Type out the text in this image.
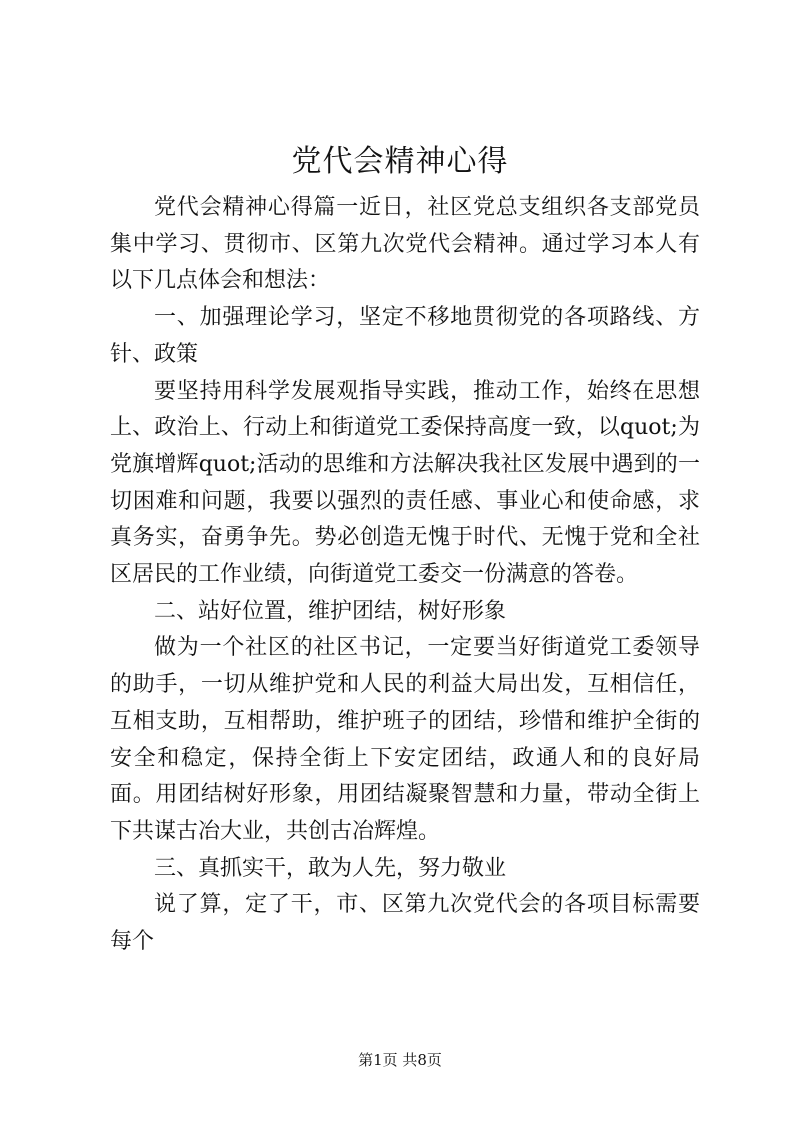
党代会精神心得

党代会精神心得篇一近日，社区党总支组织各支部党员集中学习、贯彻市、区第九次党代会精神。通过学习本人有以下几点体会和想法：

一、加强理论学习，坚定不移地贯彻党的各项路线、方针、政策

要坚持用科学发展观指导实践，推动工作，始终在思想上、政治上、行动上和街道党工委保持高度一致，以quot;为党旗增辉quot;活动的思维和方法解决我社区发展中遇到的一切困难和问题，我要以强烈的责任感、事业心和使命感，求真务实，奋勇争先。势必创造无愧于时代、无愧于党和全社区居民的工作业绩，向街道党工委交一份满意的答卷。

二、站好位置，维护团结，树好形象

做为一个社区的社区书记，一定要当好街道党工委领导的助手，一切从维护党和人民的利益大局出发，互相信任，互相支助，互相帮助，维护班子的团结，珍惜和维护全街的安全和稳定，保持全街上下安定团结，政通人和的良好局面。用团结树好形象，用团结凝聚智慧和力量，带动全街上下共谋古冶大业，共创古冶辉煌。

三、真抓实干，敢为人先，努力敬业

说了算，定了干，市、区第九次党代会的各项目标需要每个

第1页 共8页
